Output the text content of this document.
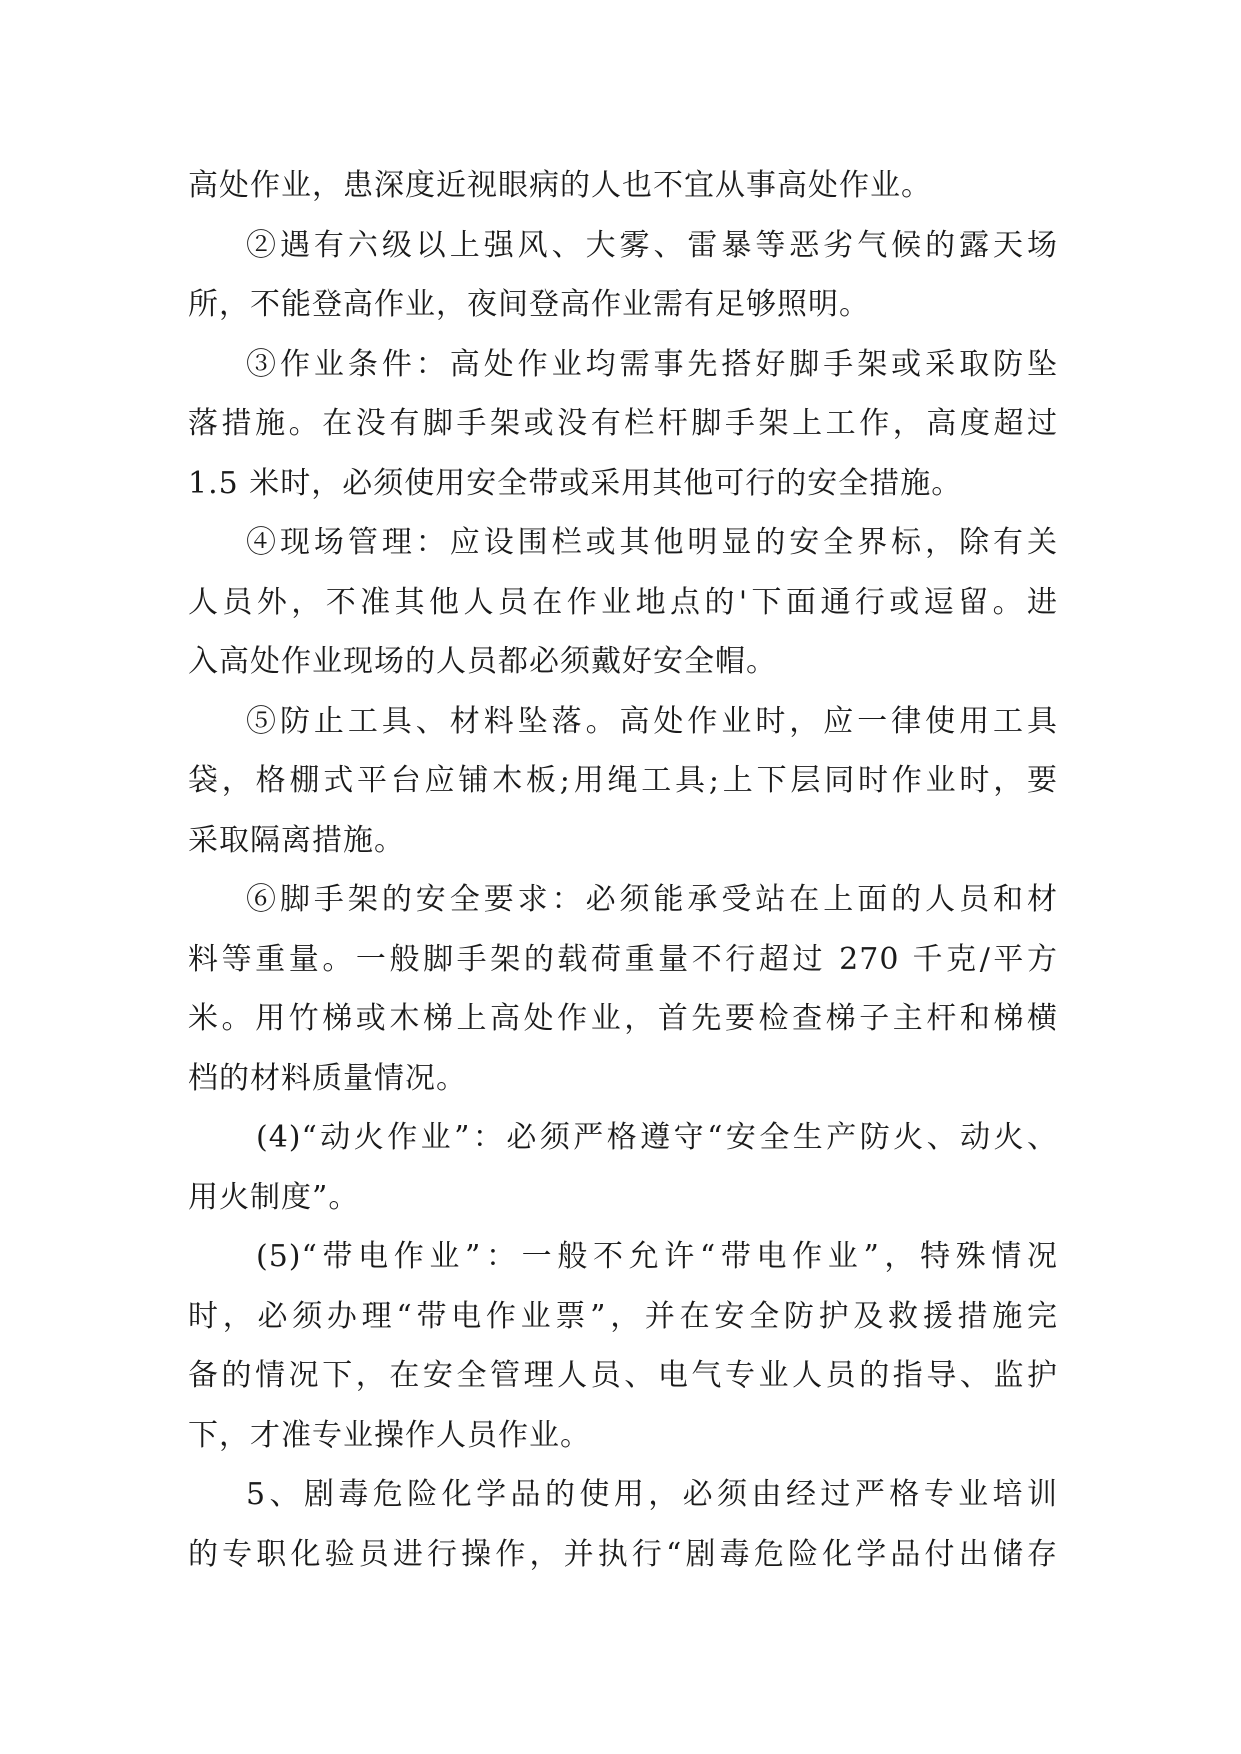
高处作业，患深度近视眼病的人也不宜从事高处作业。
②遇有六级以上强风、大雾、雷暴等恶劣气候的露天场
所，不能登高作业，夜间登高作业需有足够照明。
③作业条件：高处作业均需事先搭好脚手架或采取防坠
落措施。在没有脚手架或没有栏杆脚手架上工作，高度超过
1.5 米时，必须使用安全带或采用其他可行的安全措施。
④现场管理：应设围栏或其他明显的安全界标，除有关
人员外，不准其他人员在作业地点的'下面通行或逗留。进
入高处作业现场的人员都必须戴好安全帽。
⑤防止工具、材料坠落。高处作业时，应一律使用工具
袋，格棚式平台应铺木板;用绳工具;上下层同时作业时，要
采取隔离措施。
⑥脚手架的安全要求：必须能承受站在上面的人员和材
料等重量。一般脚手架的载荷重量不行超过 270 千克/平方
米。用竹梯或木梯上高处作业，首先要检查梯子主杆和梯横
档的材料质量情况。
(4)“动火作业”：必须严格遵守“安全生产防火、动火、
用火制度”。
(5)“带电作业”：一般不允许“带电作业”，特殊情况
时，必须办理“带电作业票”，并在安全防护及救援措施完
备的情况下，在安全管理人员、电气专业人员的指导、监护
下，才准专业操作人员作业。
5、剧毒危险化学品的使用，必须由经过严格专业培训
的专职化验员进行操作，并执行“剧毒危险化学品付出储存
